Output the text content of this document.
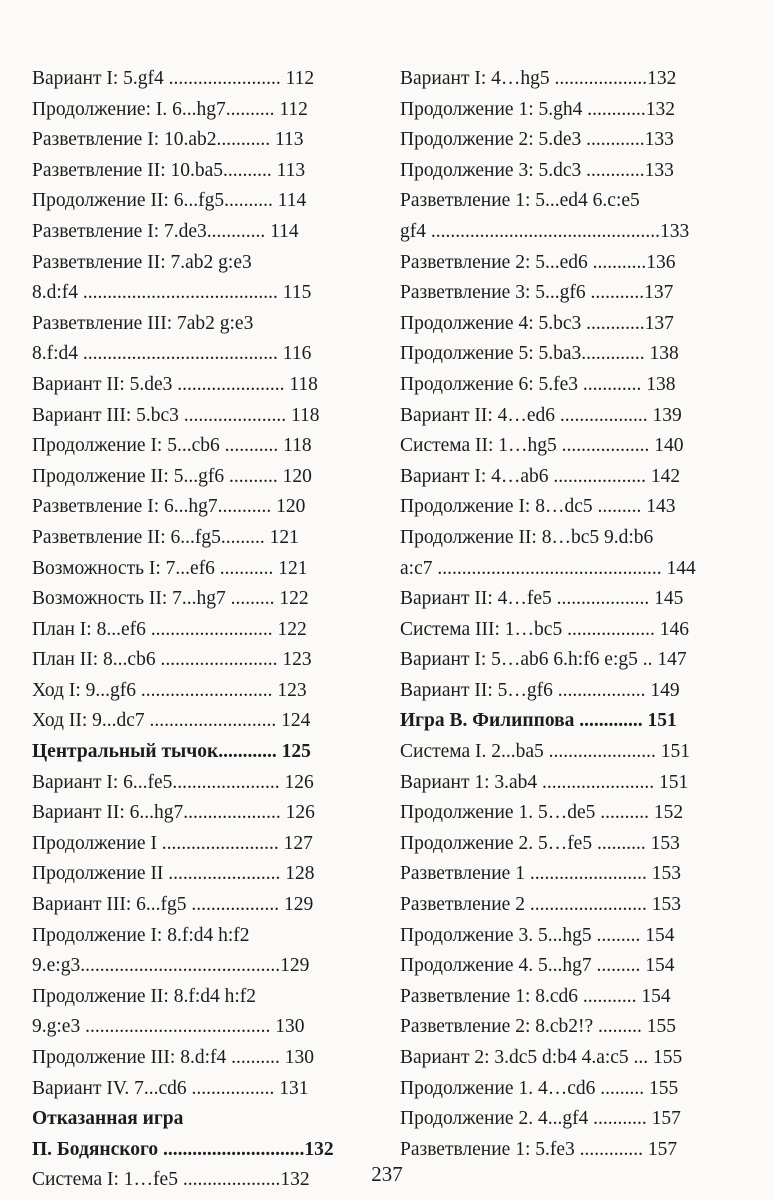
Вариант I: 5.gf4 ....................... 112
Продолжение: I. 6...hg7.......... 112
Разветвление I: 10.ab2........... 113
Разветвление II: 10.ba5.......... 113
Продолжение II: 6...fg5.......... 114
Разветвление I: 7.de3............ 114
Разветвление II: 7.ab2 g:e3
8.d:f4 ........................................ 115
Разветвление III: 7ab2 g:e3
8.f:d4 ........................................ 116
Вариант II: 5.de3 ...................... 118
Вариант III: 5.bc3 ..................... 118
Продолжение I: 5...cb6 ........... 118
Продолжение II: 5...gf6 .......... 120
Разветвление I: 6...hg7........... 120
Разветвление II: 6...fg5......... 121
Возможность I: 7...ef6 ........... 121
Возможность II: 7...hg7 ......... 122
План I: 8...ef6 ......................... 122
План II: 8...cb6 ........................ 123
Ход I: 9...gf6 ........................... 123
Ход II: 9...dc7 .......................... 124
Центральный тычок............ 125
Вариант I: 6...fe5...................... 126
Вариант II: 6...hg7.................... 126
Продолжение I ........................ 127
Продолжение II ....................... 128
Вариант III: 6...fg5 .................. 129
Продолжение I: 8.f:d4 h:f2
9.e:g3.........................................129
Продолжение II: 8.f:d4 h:f2
9.g:e3 ...................................... 130
Продолжение III: 8.d:f4 .......... 130
Вариант IV. 7...cd6 ................. 131
Отказанная игра
П. Бодянского .............................132
Система I: 1…fe5 ....................132
Вариант I: 4…hg5 ...................132
Продолжение 1: 5.gh4 ............132
Продолжение 2: 5.de3 ............133
Продолжение 3: 5.dc3 ............133
Разветвление 1: 5...ed4 6.c:e5
gf4 ...............................................133
Разветвление 2: 5...ed6 ...........136
Разветвление 3: 5...gf6 ...........137
Продолжение 4: 5.bc3 ............137
Продолжение 5: 5.ba3............. 138
Продолжение 6: 5.fe3 ............ 138
Вариант II: 4…ed6 .................. 139
Система II: 1…hg5 .................. 140
Вариант I: 4…ab6 ................... 142
Продолжение I: 8…dc5 ......... 143
Продолжение II: 8…bc5 9.d:b6
a:c7 .............................................. 144
Вариант II: 4…fe5 ................... 145
Система III: 1…bc5 .................. 146
Вариант I: 5…ab6 6.h:f6 e:g5 .. 147
Вариант II: 5…gf6 .................. 149
Игра В. Филиппова ............. 151
Система I. 2...ba5 ...................... 151
Вариант 1: 3.ab4 ....................... 151
Продолжение 1. 5…de5 .......... 152
Продолжение 2. 5…fe5 .......... 153
Разветвление 1 ........................ 153
Разветвление 2 ........................ 153
Продолжение 3. 5...hg5 ......... 154
Продолжение 4. 5...hg7 ......... 154
Разветвление 1: 8.cd6 ........... 154
Разветвление 2: 8.cb2!? ......... 155
Вариант 2: 3.dc5 d:b4 4.a:c5 ... 155
Продолжение 1. 4…cd6 ......... 155
Продолжение 2. 4...gf4 ........... 157
Разветвление 1: 5.fe3 ............. 157
237
